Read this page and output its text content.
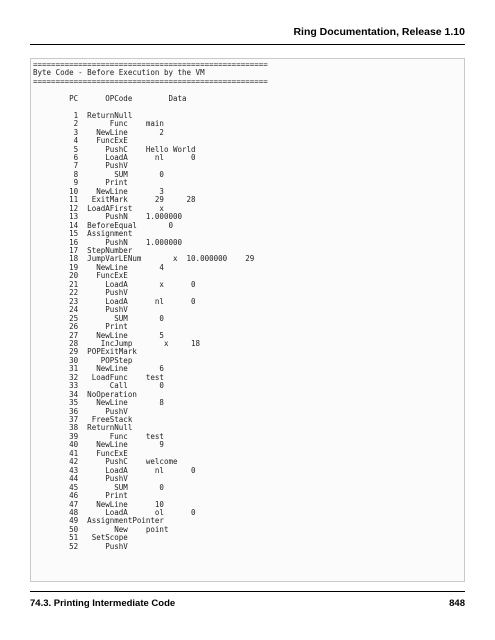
Ring Documentation, Release 1.10
====================================================
Byte Code - Before Execution by the VM
====================================================

PC      OPCode        Data

1  ReturnNull
2       Func    main
3    NewLine       2
4    FuncExE
5      PushC    Hello World
6      LoadA      nl      0
7      PushV
8        SUM       0
9      Print
10    NewLine       3
11   ExitMark      29     28
12  LoadAFirst      x
13      PushN    1.000000
14  BeforeEqual       0
15  Assignment
16      PushN    1.000000
17  StepNumber
18  JumpVarLENum       x  10.000000    29
19    NewLine       4
20    FuncExE
21      LoadA       x      0
22      PushV
23      LoadA      nl      0
24      PushV
25        SUM       0
26      Print
27    NewLine       5
28     IncJump       x     18
29  POPExitMark
30     POPStep
31    NewLine       6
32   LoadFunc    test
33       Call       0
34  NoOperation
35    NewLine       8
36      PushV
37   FreeStack
38  ReturnNull
39       Func    test
40    NewLine       9
41    FuncExE
42      PushC    welcome
43      LoadA      nl      0
44      PushV
45        SUM       0
46      Print
47    NewLine      10
48      LoadA      ol      0
49  AssignmentPointer
50        New    point
51   SetScope
52      PushV

74.3. Printing Intermediate Code	848
